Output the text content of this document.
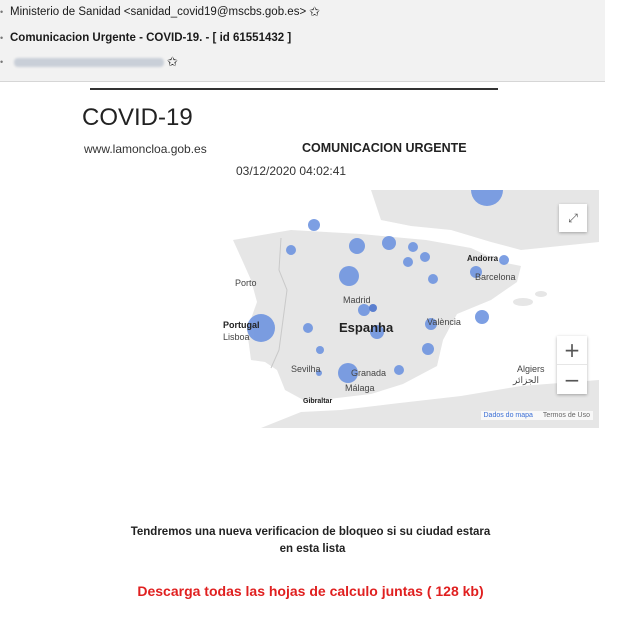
• Ministerio de Sanidad <sanidad_covid19@mscbs.gob.es> ✩
• Comunicacion Urgente - COVID-19. - [ id 61551432 ]
•	✩
COVID-19
www.lamoncloa.gob.es	COMUNICACION URGENTE
03/12/2020 04:02:41
Porto
Madrid
Portugal
Lisboa
Espanha	València
Sevilha	Granada
Málaga
Gibraltar
Andorra
Barcelona
Algiers
الجزائر
⤢
+
−
Dados do mapa Termos de Uso
Tendremos una nueva verificacion de bloqueo si su ciudad estara
en esta lista
Descarga todas las hojas de calculo juntas ( 128 kb)
